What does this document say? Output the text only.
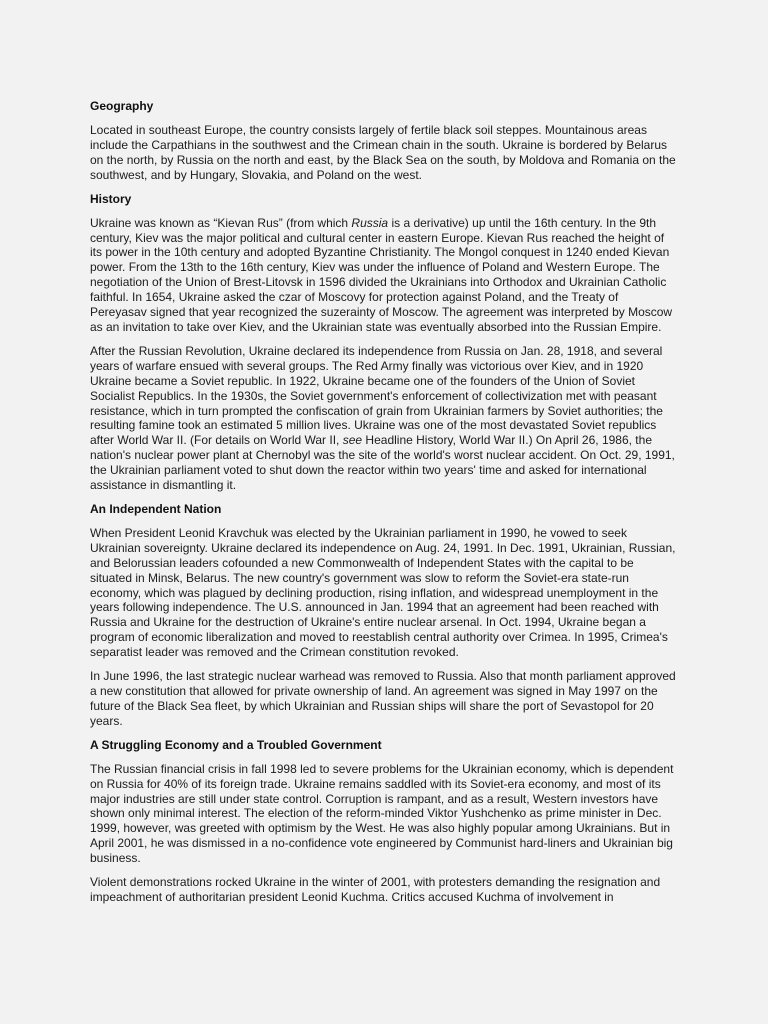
Geography

Located in southeast Europe, the country consists largely of fertile black soil steppes. Mountainous areas include the Carpathians in the southwest and the Crimean chain in the south. Ukraine is bordered by Belarus on the north, by Russia on the north and east, by the Black Sea on the south, by Moldova and Romania on the southwest, and by Hungary, Slovakia, and Poland on the west.

History

Ukraine was known as “Kievan Rus” (from which Russia is a derivative) up until the 16th century. In the 9th century, Kiev was the major political and cultural center in eastern Europe. Kievan Rus reached the height of its power in the 10th century and adopted Byzantine Christianity. The Mongol conquest in 1240 ended Kievan power. From the 13th to the 16th century, Kiev was under the influence of Poland and Western Europe. The negotiation of the Union of Brest-Litovsk in 1596 divided the Ukrainians into Orthodox and Ukrainian Catholic faithful. In 1654, Ukraine asked the czar of Moscovy for protection against Poland, and the Treaty of Pereyasav signed that year recognized the suzerainty of Moscow. The agreement was interpreted by Moscow as an invitation to take over Kiev, and the Ukrainian state was eventually absorbed into the Russian Empire.

After the Russian Revolution, Ukraine declared its independence from Russia on Jan. 28, 1918, and several years of warfare ensued with several groups. The Red Army finally was victorious over Kiev, and in 1920 Ukraine became a Soviet republic. In 1922, Ukraine became one of the founders of the Union of Soviet Socialist Republics. In the 1930s, the Soviet government's enforcement of collectivization met with peasant resistance, which in turn prompted the confiscation of grain from Ukrainian farmers by Soviet authorities; the resulting famine took an estimated 5 million lives. Ukraine was one of the most devastated Soviet republics after World War II. (For details on World War II, see Headline History, World War II.) On April 26, 1986, the nation's nuclear power plant at Chernobyl was the site of the world's worst nuclear accident. On Oct. 29, 1991, the Ukrainian parliament voted to shut down the reactor within two years' time and asked for international assistance in dismantling it.

An Independent Nation

When President Leonid Kravchuk was elected by the Ukrainian parliament in 1990, he vowed to seek Ukrainian sovereignty. Ukraine declared its independence on Aug. 24, 1991. In Dec. 1991, Ukrainian, Russian, and Belorussian leaders cofounded a new Commonwealth of Independent States with the capital to be situated in Minsk, Belarus. The new country's government was slow to reform the Soviet-era state-run economy, which was plagued by declining production, rising inflation, and widespread unemployment in the years following independence. The U.S. announced in Jan. 1994 that an agreement had been reached with Russia and Ukraine for the destruction of Ukraine's entire nuclear arsenal. In Oct. 1994, Ukraine began a program of economic liberalization and moved to reestablish central authority over Crimea. In 1995, Crimea's separatist leader was removed and the Crimean constitution revoked.

In June 1996, the last strategic nuclear warhead was removed to Russia. Also that month parliament approved a new constitution that allowed for private ownership of land. An agreement was signed in May 1997 on the future of the Black Sea fleet, by which Ukrainian and Russian ships will share the port of Sevastopol for 20 years.

A Struggling Economy and a Troubled Government

The Russian financial crisis in fall 1998 led to severe problems for the Ukrainian economy, which is dependent on Russia for 40% of its foreign trade. Ukraine remains saddled with its Soviet-era economy, and most of its major industries are still under state control. Corruption is rampant, and as a result, Western investors have shown only minimal interest. The election of the reform-minded Viktor Yushchenko as prime minister in Dec. 1999, however, was greeted with optimism by the West. He was also highly popular among Ukrainians. But in April 2001, he was dismissed in a no-confidence vote engineered by Communist hard-liners and Ukrainian big business.

Violent demonstrations rocked Ukraine in the winter of 2001, with protesters demanding the resignation and impeachment of authoritarian president Leonid Kuchma. Critics accused Kuchma of involvement in
